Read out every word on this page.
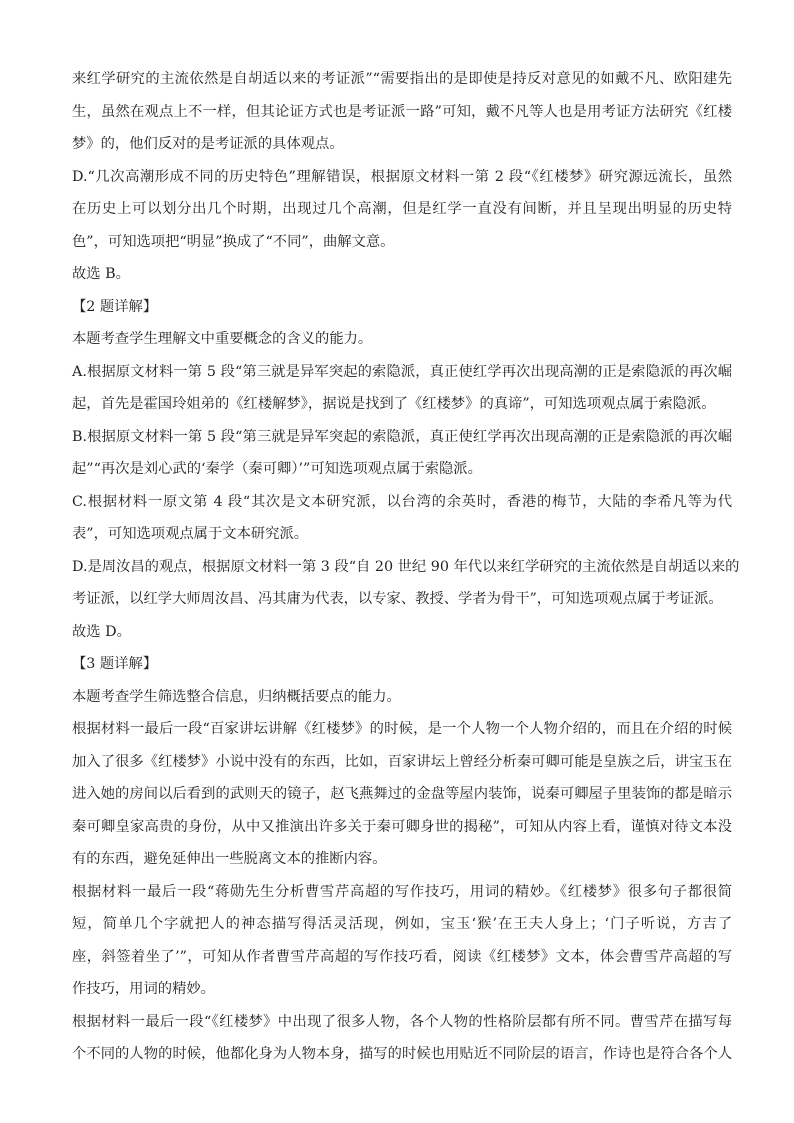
来红学研究的主流依然是自胡适以来的考证派”“需要指出的是即使是持反对意见的如戴不凡、欧阳建先
生，虽然在观点上不一样，但其论证方式也是考证派一路”可知，戴不凡等人也是用考证方法研究《红楼
梦》的，他们反对的是考证派的具体观点。
D.“几次高潮形成不同的历史特色”理解错误，根据原文材料一第 2 段“《红楼梦》研究源远流长，虽然
在历史上可以划分出几个时期，出现过几个高潮，但是红学一直没有间断，并且呈现出明显的历史特
色”，可知选项把“明显”换成了“不同”，曲解文意。
故选 B。
【2 题详解】
本题考查学生理解文中重要概念的含义的能力。
A.根据原文材料一第 5 段“第三就是异军突起的索隐派，真正使红学再次出现高潮的正是索隐派的再次崛
起，首先是霍国玲姐弟的《红楼解梦》，据说是找到了《红楼梦》的真谛”，可知选项观点属于索隐派。
B.根据原文材料一第 5 段“第三就是异军突起的索隐派，真正使红学再次出现高潮的正是索隐派的再次崛
起”“再次是刘心武的‘秦学（秦可卿）’”可知选项观点属于索隐派。
C.根据材料一原文第 4 段“其次是文本研究派，以台湾的余英时，香港的梅节，大陆的李希凡等为代
表”，可知选项观点属于文本研究派。
D.是周汝昌的观点，根据原文材料一第 3 段“自 20 世纪 90 年代以来红学研究的主流依然是自胡适以来的
考证派，以红学大师周汝昌、冯其庸为代表，以专家、教授、学者为骨干”，可知选项观点属于考证派。
故选 D。
【3 题详解】
本题考查学生筛选整合信息，归纳概括要点的能力。
根据材料一最后一段“百家讲坛讲解《红楼梦》的时候，是一个人物一个人物介绍的，而且在介绍的时候
加入了很多《红楼梦》小说中没有的东西，比如，百家讲坛上曾经分析秦可卿可能是皇族之后，讲宝玉在
进入她的房间以后看到的武则天的镜子，赵飞燕舞过的金盘等屋内装饰，说秦可卿屋子里装饰的都是暗示
秦可卿皇家高贵的身份，从中又推演出许多关于秦可卿身世的揭秘”，可知从内容上看，谨慎对待文本没
有的东西，避免延伸出一些脱离文本的推断内容。
根据材料一最后一段“蒋勋先生分析曹雪芹高超的写作技巧，用词的精妙。《红楼梦》很多句子都很简
短，简单几个字就把人的神态描写得活灵活现，例如，宝玉‘猴’在王夫人身上；‘门子听说，方吉了
座，斜签着坐了’”，可知从作者曹雪芹高超的写作技巧看，阅读《红楼梦》文本，体会曹雪芹高超的写
作技巧，用词的精妙。
根据材料一最后一段“《红楼梦》中出现了很多人物，各个人物的性格阶层都有所不同。曹雪芹在描写每
个不同的人物的时候，他都化身为人物本身，描写的时候也用贴近不同阶层的语言，作诗也是符合各个人
